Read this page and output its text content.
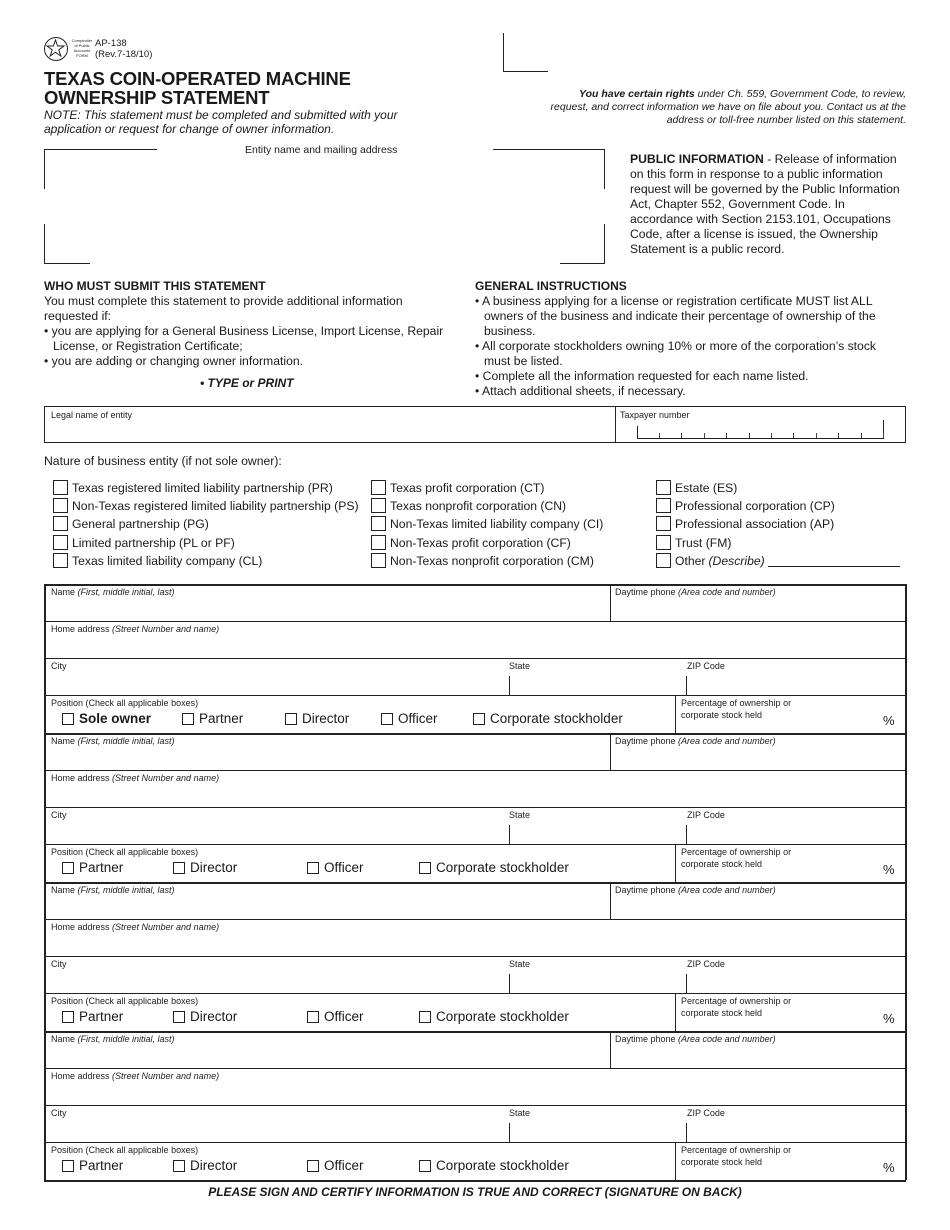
Comptroller of Public Accounts FORM
AP-138
(Rev.7-18/10)
TEXAS COIN-OPERATED MACHINE
OWNERSHIP STATEMENT
NOTE: This statement must be completed and submitted with your application or request for change of owner information.
You have certain rights under Ch. 559, Government Code, to review, request, and correct information we have on file about you. Contact us at the address or toll-free number listed on this statement.
Entity name and mailing address
PUBLIC INFORMATION - Release of information on this form in response to a public information request will be governed by the Public Information Act, Chapter 552, Government Code. In accordance with Section 2153.101, Occupations Code, after a license is issued, the Ownership Statement is a public record.
WHO MUST SUBMIT THIS STATEMENT

You must complete this statement to provide additional information requested if:

• you are applying for a General Business License, Import License, Repair License, or Registration Certificate;

• you are adding or changing owner information.

• TYPE or PRINT
GENERAL INSTRUCTIONS

• A business applying for a license or registration certificate MUST list ALL owners of the business and indicate their percentage of ownership of the business.

• All corporate stockholders owning 10% or more of the corporation’s stock must be listed.

• Complete all the information requested for each name listed.

• Attach additional sheets, if necessary.

Legal name of entity	Taxpayer number
Nature of business entity (if not sole owner):
Texas registered limited liability partnership (PR)
Non-Texas registered limited liability partnership (PS)
General partnership (PG)
Limited partnership (PL or PF)
Texas limited liability company (CL)
Texas profit corporation (CT)
Texas nonprofit corporation (CN)
Non-Texas limited liability company (CI)
Non-Texas profit corporation (CF)
Non-Texas nonprofit corporation (CM)
Estate (ES)
Professional corporation (CP)
Professional association (AP)
Trust (FM)
Other (Describe)
Name (First, middle initial, last)	Daytime phone (Area code and number)
Home address (Street Number and name)
City	State	ZIP Code
Position (Check all applicable boxes)	Percentage of ownership or
corporate stock held	%
Sole owner	Partner	Director	Officer	Corporate stockholder
Name (First, middle initial, last)	Daytime phone (Area code and number)
Home address (Street Number and name)
City	State	ZIP Code
Position (Check all applicable boxes)	Percentage of ownership or
corporate stock held	%
Partner	Director	Officer	Corporate stockholder
Name (First, middle initial, last)	Daytime phone (Area code and number)
Home address (Street Number and name)
City	State	ZIP Code
Position (Check all applicable boxes)	Percentage of ownership or
corporate stock held	%
Partner	Director	Officer	Corporate stockholder
Name (First, middle initial, last)	Daytime phone (Area code and number)
Home address (Street Number and name)
City	State	ZIP Code
Position (Check all applicable boxes)	Percentage of ownership or
corporate stock held	%
Partner	Director	Officer	Corporate stockholder
PLEASE SIGN AND CERTIFY INFORMATION IS TRUE AND CORRECT (SIGNATURE ON BACK)
